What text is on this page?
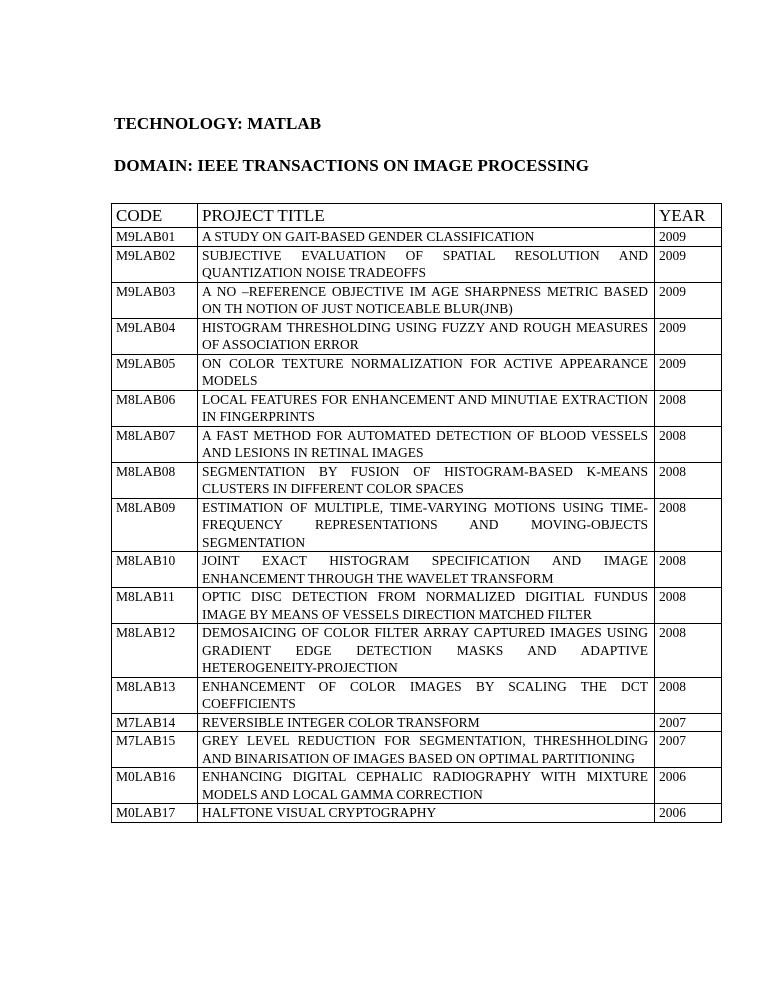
TECHNOLOGY: MATLAB
DOMAIN: IEEE TRANSACTIONS ON IMAGE PROCESSING
CODE	PROJECT TITLE	YEAR
M9LAB01	A STUDY ON GAIT-BASED GENDER CLASSIFICATION	2009
M9LAB02	SUBJECTIVE EVALUATION OF SPATIAL RESOLUTION AND QUANTIZATION NOISE TRADEOFFS	2009
M9LAB03	A NO –REFERENCE OBJECTIVE IM AGE SHARPNESS METRIC BASED ON TH NOTION OF JUST NOTICEABLE BLUR(JNB)	2009
M9LAB04	HISTOGRAM THRESHOLDING USING FUZZY AND ROUGH MEASURES OF ASSOCIATION ERROR	2009
M9LAB05	ON COLOR TEXTURE NORMALIZATION FOR ACTIVE APPEARANCE MODELS	2009
M8LAB06	LOCAL FEATURES FOR ENHANCEMENT AND MINUTIAE EXTRACTION IN FINGERPRINTS	2008
M8LAB07	A FAST METHOD FOR AUTOMATED DETECTION OF BLOOD VESSELS AND LESIONS IN RETINAL IMAGES	2008
M8LAB08	SEGMENTATION BY FUSION OF HISTOGRAM-BASED K-MEANS CLUSTERS IN DIFFERENT COLOR SPACES	2008
M8LAB09	ESTIMATION OF MULTIPLE, TIME-VARYING MOTIONS USING TIME-FREQUENCY REPRESENTATIONS AND MOVING-OBJECTS SEGMENTATION	2008
M8LAB10	JOINT EXACT HISTOGRAM SPECIFICATION AND IMAGE ENHANCEMENT THROUGH THE WAVELET TRANSFORM	2008
M8LAB11	OPTIC DISC DETECTION FROM NORMALIZED DIGITIAL FUNDUS IMAGE BY MEANS OF VESSELS DIRECTION MATCHED FILTER	2008
M8LAB12	DEMOSAICING OF COLOR FILTER ARRAY CAPTURED IMAGES USING GRADIENT EDGE DETECTION MASKS AND ADAPTIVE HETEROGENEITY-PROJECTION	2008
M8LAB13	ENHANCEMENT OF COLOR IMAGES BY SCALING THE DCT COEFFICIENTS	2008
M7LAB14	REVERSIBLE INTEGER COLOR TRANSFORM	2007
M7LAB15	GREY LEVEL REDUCTION FOR SEGMENTATION, THRESHHOLDING AND BINARISATION OF IMAGES BASED ON OPTIMAL PARTITIONING	2007
M0LAB16	ENHANCING DIGITAL CEPHALIC RADIOGRAPHY WITH MIXTURE MODELS AND LOCAL GAMMA CORRECTION	2006
M0LAB17	HALFTONE VISUAL CRYPTOGRAPHY	2006
